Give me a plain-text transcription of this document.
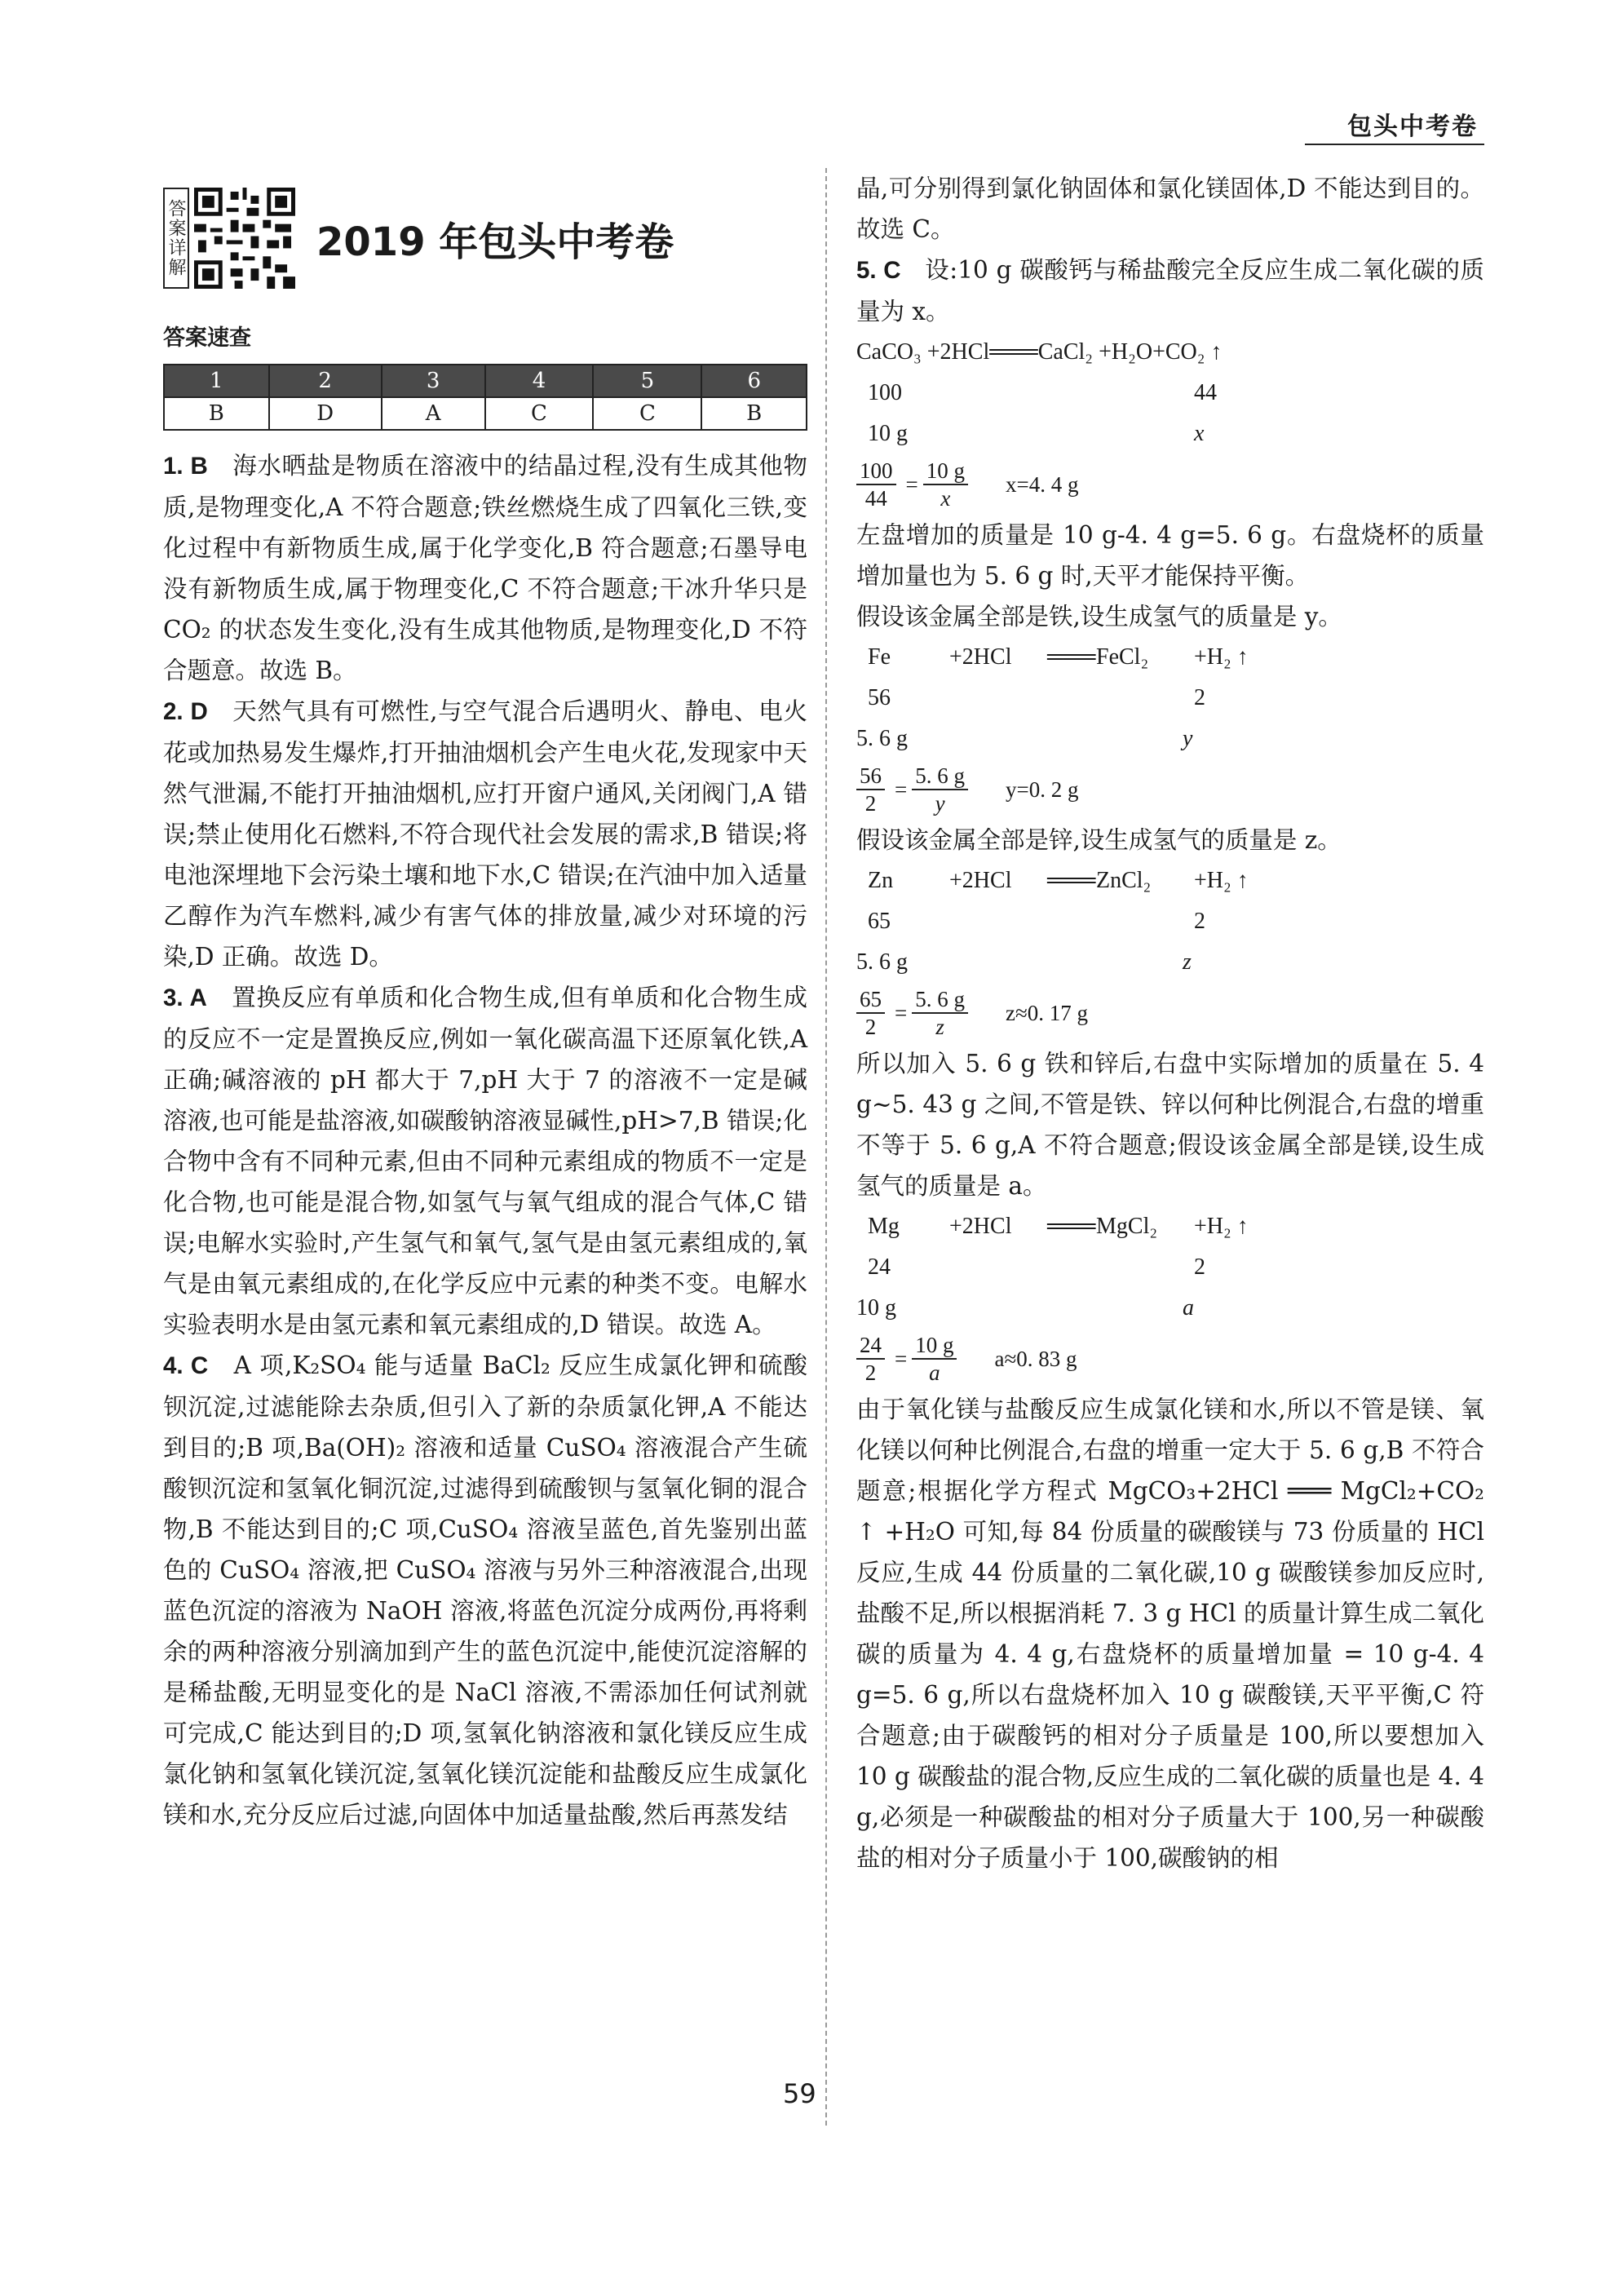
包头中考卷
答案详解	2019 年包头中考卷
答案速查
1	2	3	4	5	6
B	D	A	C	C	B

1. B 海水晒盐是物质在溶液中的结晶过程,没有生成其他物质,是物理变化,A 不符合题意;铁丝燃烧生成了四氧化三铁,变化过程中有新物质生成,属于化学变化,B 符合题意;石墨导电没有新物质生成,属于物理变化,C 不符合题意;干冰升华只是 CO₂ 的状态发生变化,没有生成其他物质,是物理变化,D 不符合题意。故选 B。

2. D 天然气具有可燃性,与空气混合后遇明火、静电、电火花或加热易发生爆炸,打开抽油烟机会产生电火花,发现家中天然气泄漏,不能打开抽油烟机,应打开窗户通风,关闭阀门,A 错误;禁止使用化石燃料,不符合现代社会发展的需求,B 错误;将电池深埋地下会污染土壤和地下水,C 错误;在汽油中加入适量乙醇作为汽车燃料,减少有害气体的排放量,减少对环境的污染,D 正确。故选 D。

3. A 置换反应有单质和化合物生成,但有单质和化合物生成的反应不一定是置换反应,例如一氧化碳高温下还原氧化铁,A 正确;碱溶液的 pH 都大于 7,pH 大于 7 的溶液不一定是碱溶液,也可能是盐溶液,如碳酸钠溶液显碱性,pH>7,B 错误;化合物中含有不同种元素,但由不同种元素组成的物质不一定是化合物,也可能是混合物,如氢气与氧气组成的混合气体,C 错误;电解水实验时,产生氢气和氧气,氢气是由氢元素组成的,氧气是由氧元素组成的,在化学反应中元素的种类不变。电解水实验表明水是由氢元素和氧元素组成的,D 错误。故选 A。

4. C A 项,K₂SO₄ 能与适量 BaCl₂ 反应生成氯化钾和硫酸钡沉淀,过滤能除去杂质,但引入了新的杂质氯化钾,A 不能达到目的;B 项,Ba(OH)₂ 溶液和适量 CuSO₄ 溶液混合产生硫酸钡沉淀和氢氧化铜沉淀,过滤得到硫酸钡与氢氧化铜的混合物,B 不能达到目的;C 项,CuSO₄ 溶液呈蓝色,首先鉴别出蓝色的 CuSO₄ 溶液,把 CuSO₄ 溶液与另外三种溶液混合,出现蓝色沉淀的溶液为 NaOH 溶液,将蓝色沉淀分成两份,再将剩余的两种溶液分别滴加到产生的蓝色沉淀中,能使沉淀溶解的是稀盐酸,无明显变化的是 NaCl 溶液,不需添加任何试剂就可完成,C 能达到目的;D 项,氢氧化钠溶液和氯化镁反应生成氯化钠和氢氧化镁沉淀,氢氧化镁沉淀能和盐酸反应生成氯化镁和水,充分反应后过滤,向固体中加适量盐酸,然后再蒸发结

晶,可分别得到氯化钠固体和氯化镁固体,D 不能达到目的。故选 C。

5. C 设:10 g 碳酸钙与稀盐酸完全反应生成二氧化碳的质量为 x。

CaCO₃ +2HCl ═══ CaCl₂ +H₂O+CO₂ ↑
100	44
10 g	x
$\frac{100}{44} = \frac{10 g}{x} x=4$. 4 g

左盘增加的质量是 10 g-4. 4 g=5. 6 g。右盘烧杯的质量增加量也为 5. 6 g 时,天平才能保持平衡。

假设该金属全部是铁,设生成氢气的质量是 y。

Fe	+2HCl	═══ FeCl₂	+H₂ ↑
56	2
5. 6 g	y
$\frac{56}{2} = \frac{5. 6 g}{y} y=0$. 2 g

假设该金属全部是锌,设生成氢气的质量是 z。

Zn	+2HCl	═══ ZnCl₂	+H₂ ↑
65	2
5. 6 g	z
$\frac{65}{2} = \frac{5. 6 g}{z} z\approx 0$. 17 g

所以加入 5. 6 g 铁和锌后,右盘中实际增加的质量在 5. 4 g~5. 43 g 之间,不管是铁、锌以何种比例混合,右盘的增重不等于 5. 6 g,A 不符合题意;假设该金属全部是镁,设生成氢气的质量是 a。

Mg	+2HCl	═══ MgCl₂	+H₂ ↑
24	2
10 g	a
$\frac{24}{2} = \frac{10 g}{a} a\approx 0$. 83 g

由于氧化镁与盐酸反应生成氯化镁和水,所以不管是镁、氧化镁以何种比例混合,右盘的增重一定大于 5. 6 g,B 不符合题意;根据化学方程式 MgCO₃+2HCl ═══ MgCl₂+CO₂ ↑ +H₂O 可知,每 84 份质量的碳酸镁与 73 份质量的 HCl 反应,生成 44 份质量的二氧化碳,10 g 碳酸镁参加反应时,盐酸不足,所以根据消耗 7. 3 g HCl 的质量计算生成二氧化碳的质量为 4. 4 g,右盘烧杯的质量增加量 = 10 g-4. 4 g=5. 6 g,所以右盘烧杯加入 10 g 碳酸镁,天平平衡,C 符合题意;由于碳酸钙的相对分子质量是 100,所以要想加入 10 g 碳酸盐的混合物,反应生成的二氧化碳的质量也是 4. 4 g,必须是一种碳酸盐的相对分子质量大于 100,另一种碳酸盐的相对分子质量小于 100,碳酸钠的相

59
